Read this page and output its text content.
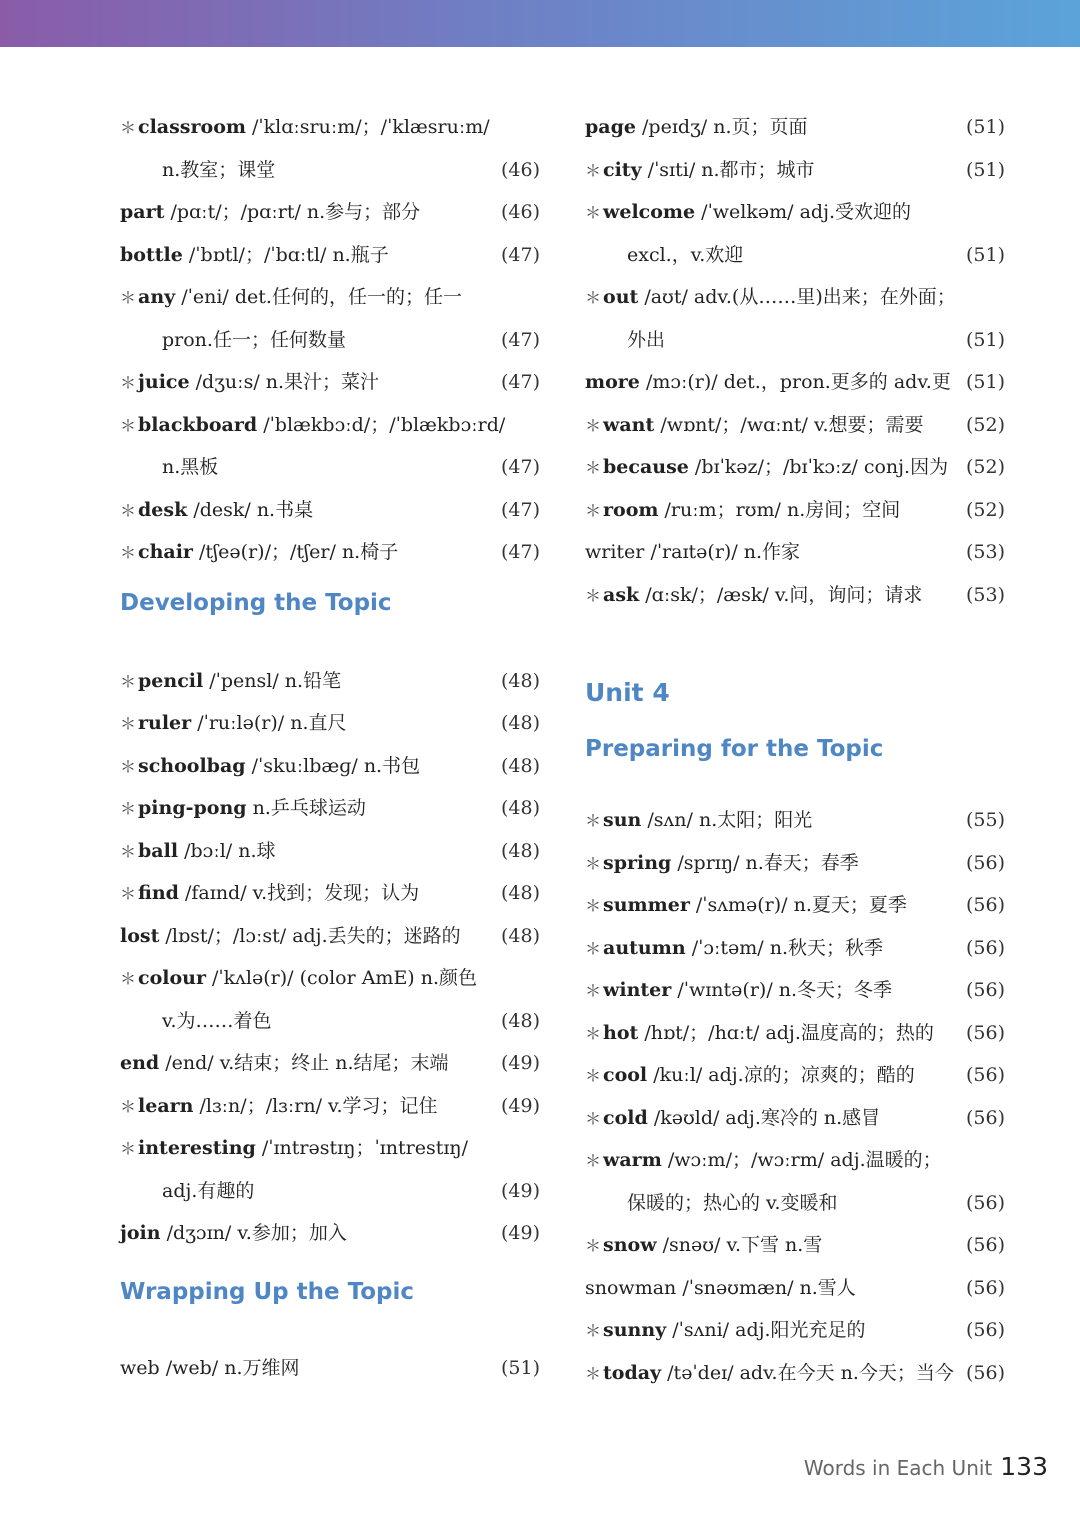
＊ classroom /ˈklɑːsruːm/；/ˈklæsruːm/
n.教室；课堂	(46)
part /pɑːt/；/pɑːrt/ n.参与；部分	(46)
bottle /ˈbɒtl/；/ˈbɑːtl/ n.瓶子	(47)
＊ any /ˈeni/ det.任何的，任一的；任一
pron.任一；任何数量	(47)
＊ juice /dʒuːs/ n.果汁；菜汁	(47)
＊ blackboard /ˈblækbɔːd/；/ˈblækbɔːrd/
n.黑板	(47)
＊ desk /desk/ n.书桌	(47)
＊ chair /tʃeə(r)/；/tʃer/ n.椅子	(47)
Developing the Topic
＊ pencil /ˈpensl/ n.铅笔	(48)
＊ ruler /ˈruːlə(r)/ n.直尺	(48)
＊ schoolbag /ˈskuːlbæɡ/ n.书包	(48)
＊ ping-pong n.乒乓球运动	(48)
＊ ball /bɔːl/ n.球	(48)
＊ find /faɪnd/ v.找到；发现；认为	(48)
lost /lɒst/；/lɔːst/ adj.丢失的；迷路的 (48)
＊ colour /ˈkʌlə(r)/ (color AmE) n.颜色
v.为……着色	(48)
end /end/ v.结束；终止 n.结尾；末端	(49)
＊ learn /lɜːn/；/lɜːrn/ v.学习；记住	(49)
＊ interesting /ˈɪntrəstɪŋ；ˈɪntrestɪŋ/
adj.有趣的	(49)
join /dʒɔɪn/ v.参加；加入	(49)
Wrapping Up the Topic
web /web/ n.万维网	(51)
page /peɪdʒ/ n.页；页面	(51)
＊ city /ˈsɪti/ n.都市；城市	(51)
＊ welcome /ˈwelkəm/ adj.受欢迎的
excl.，v.欢迎	(51)
＊ out /aʊt/ adv.(从……里)出来；在外面；
外出	(51)
more /mɔː(r)/ det.，pron.更多的 adv.更 (51)
＊ want /wɒnt/；/wɑːnt/ v.想要；需要 (52)
＊ because /bɪˈkəz/；/bɪˈkɔːz/ conj.因为 (52)
＊ room /ruːm；rʊm/ n.房间；空间	(52)
writer /ˈraɪtə(r)/ n.作家	(53)
＊ ask /ɑːsk/；/æsk/ v.问，询问；请求 (53)
Unit 4
Preparing for the Topic
＊ sun /sʌn/ n.太阳；阳光	(55)
＊ spring /sprɪŋ/ n.春天；春季	(56)
＊ summer /ˈsʌmə(r)/ n.夏天；夏季	(56)
＊ autumn /ˈɔːtəm/ n.秋天；秋季	(56)
＊ winter /ˈwɪntə(r)/ n.冬天；冬季	(56)
＊ hot /hɒt/；/hɑːt/ adj.温度高的；热的 (56)
＊ cool /kuːl/ adj.凉的；凉爽的；酷的	(56)
＊ cold /kəʊld/ adj.寒冷的 n.感冒	(56)
＊ warm /wɔːm/；/wɔːrm/ adj.温暖的；
保暖的；热心的 v.变暖和	(56)
＊ snow /snəʊ/ v.下雪 n.雪	(56)
snowman /ˈsnəʊmæn/ n.雪人	(56)
＊ sunny /ˈsʌni/ adj.阳光充足的	(56)
＊ today /təˈdeɪ/ adv.在今天 n.今天；当今 (56)
Words in Each Unit 133
